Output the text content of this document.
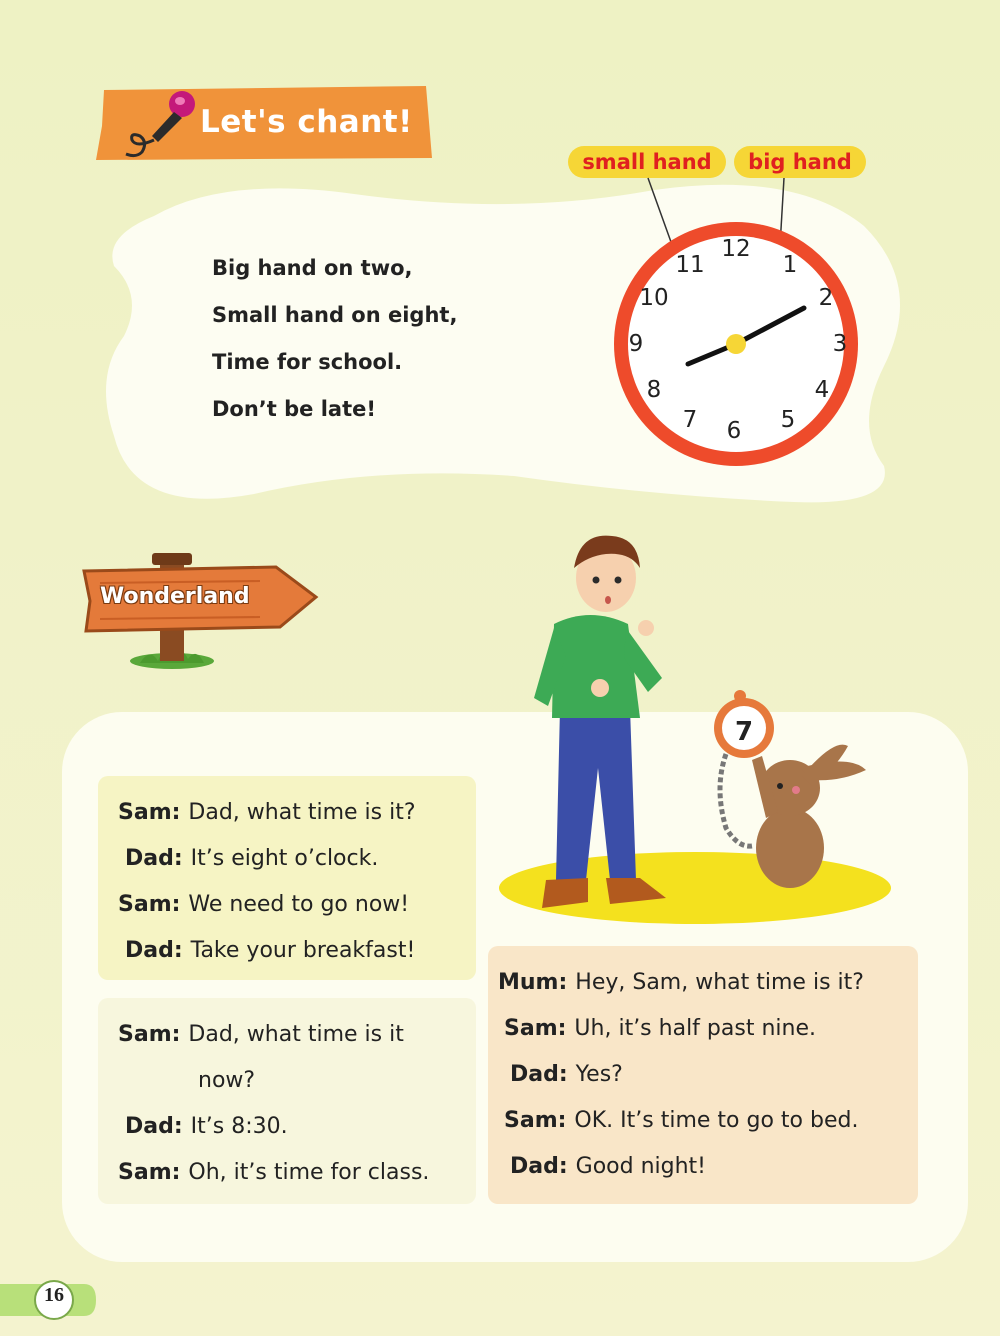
Let's chant!
Big hand on two,
Small hand on eight,
Time for school.
Don’t be late!
small hand	big hand
12
1
2
3
4
5
6
7
8
9
10
11
Wonderland
7
Sam: Dad, what time is it?
Dad: It’s eight o’clock.
Sam: We need to go now!
Dad: Take your breakfast!
Sam: Dad, what time is it
now?
Dad: It’s 8:30.
Sam: Oh, it’s time for class.
Mum: Hey, Sam, what time is it?
Sam: Uh, it’s half past nine.
Dad: Yes?
Sam: OK. It’s time to go to bed.
Dad: Good night!
16
